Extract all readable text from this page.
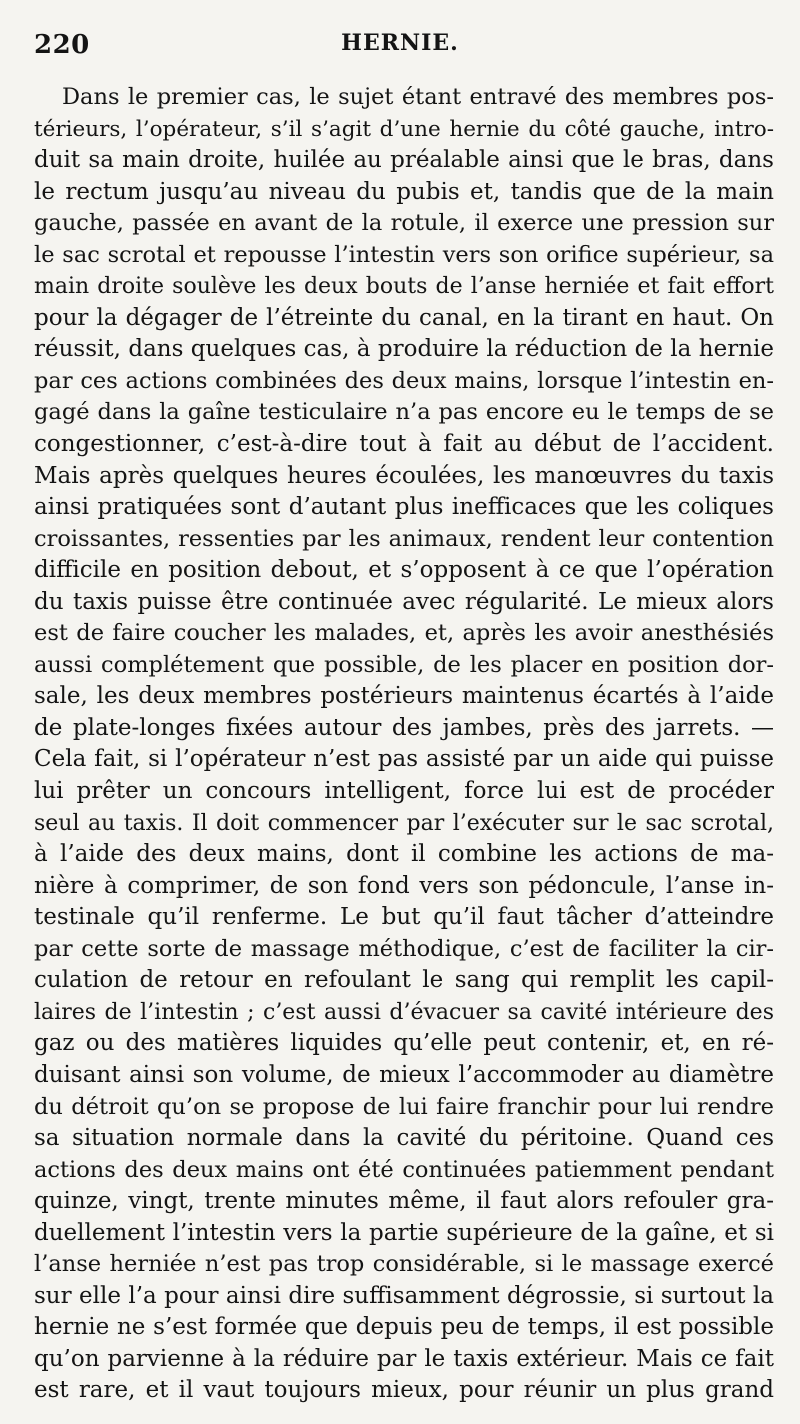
220	HERNIE.
Dans le premier cas, le sujet étant entravé des membres pos-
térieurs, l’opérateur, s’il s’agit d’une hernie du côté gauche, intro-
duit sa main droite, huilée au préalable ainsi que le bras, dans
le rectum jusqu’au niveau du pubis et, tandis que de la main
gauche, passée en avant de la rotule, il exerce une pression sur
le sac scrotal et repousse l’intestin vers son orifice supérieur, sa
main droite soulève les deux bouts de l’anse herniée et fait effort
pour la dégager de l’étreinte du canal, en la tirant en haut. On
réussit, dans quelques cas, à produire la réduction de la hernie
par ces actions combinées des deux mains, lorsque l’intestin en-
gagé dans la gaîne testiculaire n’a pas encore eu le temps de se
congestionner, c’est-à-dire tout à fait au début de l’accident.
Mais après quelques heures écoulées, les manœuvres du taxis
ainsi pratiquées sont d’autant plus inefficaces que les coliques
croissantes, ressenties par les animaux, rendent leur contention
difficile en position debout, et s’opposent à ce que l’opération
du taxis puisse être continuée avec régularité. Le mieux alors
est de faire coucher les malades, et, après les avoir anesthésiés
aussi complétement que possible, de les placer en position dor-
sale, les deux membres postérieurs maintenus écartés à l’aide
de plate-longes fixées autour des jambes, près des jarrets. —
Cela fait, si l’opérateur n’est pas assisté par un aide qui puisse
lui prêter un concours intelligent, force lui est de procéder
seul au taxis. Il doit commencer par l’exécuter sur le sac scrotal,
à l’aide des deux mains, dont il combine les actions de ma-
nière à comprimer, de son fond vers son pédoncule, l’anse in-
testinale qu’il renferme. Le but qu’il faut tâcher d’atteindre
par cette sorte de massage méthodique, c’est de faciliter la cir-
culation de retour en refoulant le sang qui remplit les capil-
laires de l’intestin ; c’est aussi d’évacuer sa cavité intérieure des
gaz ou des matières liquides qu’elle peut contenir, et, en ré-
duisant ainsi son volume, de mieux l’accommoder au diamètre
du détroit qu’on se propose de lui faire franchir pour lui rendre
sa situation normale dans la cavité du péritoine. Quand ces
actions des deux mains ont été continuées patiemment pendant
quinze, vingt, trente minutes même, il faut alors refouler gra-
duellement l’intestin vers la partie supérieure de la gaîne, et si
l’anse herniée n’est pas trop considérable, si le massage exercé
sur elle l’a pour ainsi dire suffisamment dégrossie, si surtout la
hernie ne s’est formée que depuis peu de temps, il est possible
qu’on parvienne à la réduire par le taxis extérieur. Mais ce fait
est rare, et il vaut toujours mieux, pour réunir un plus grand
